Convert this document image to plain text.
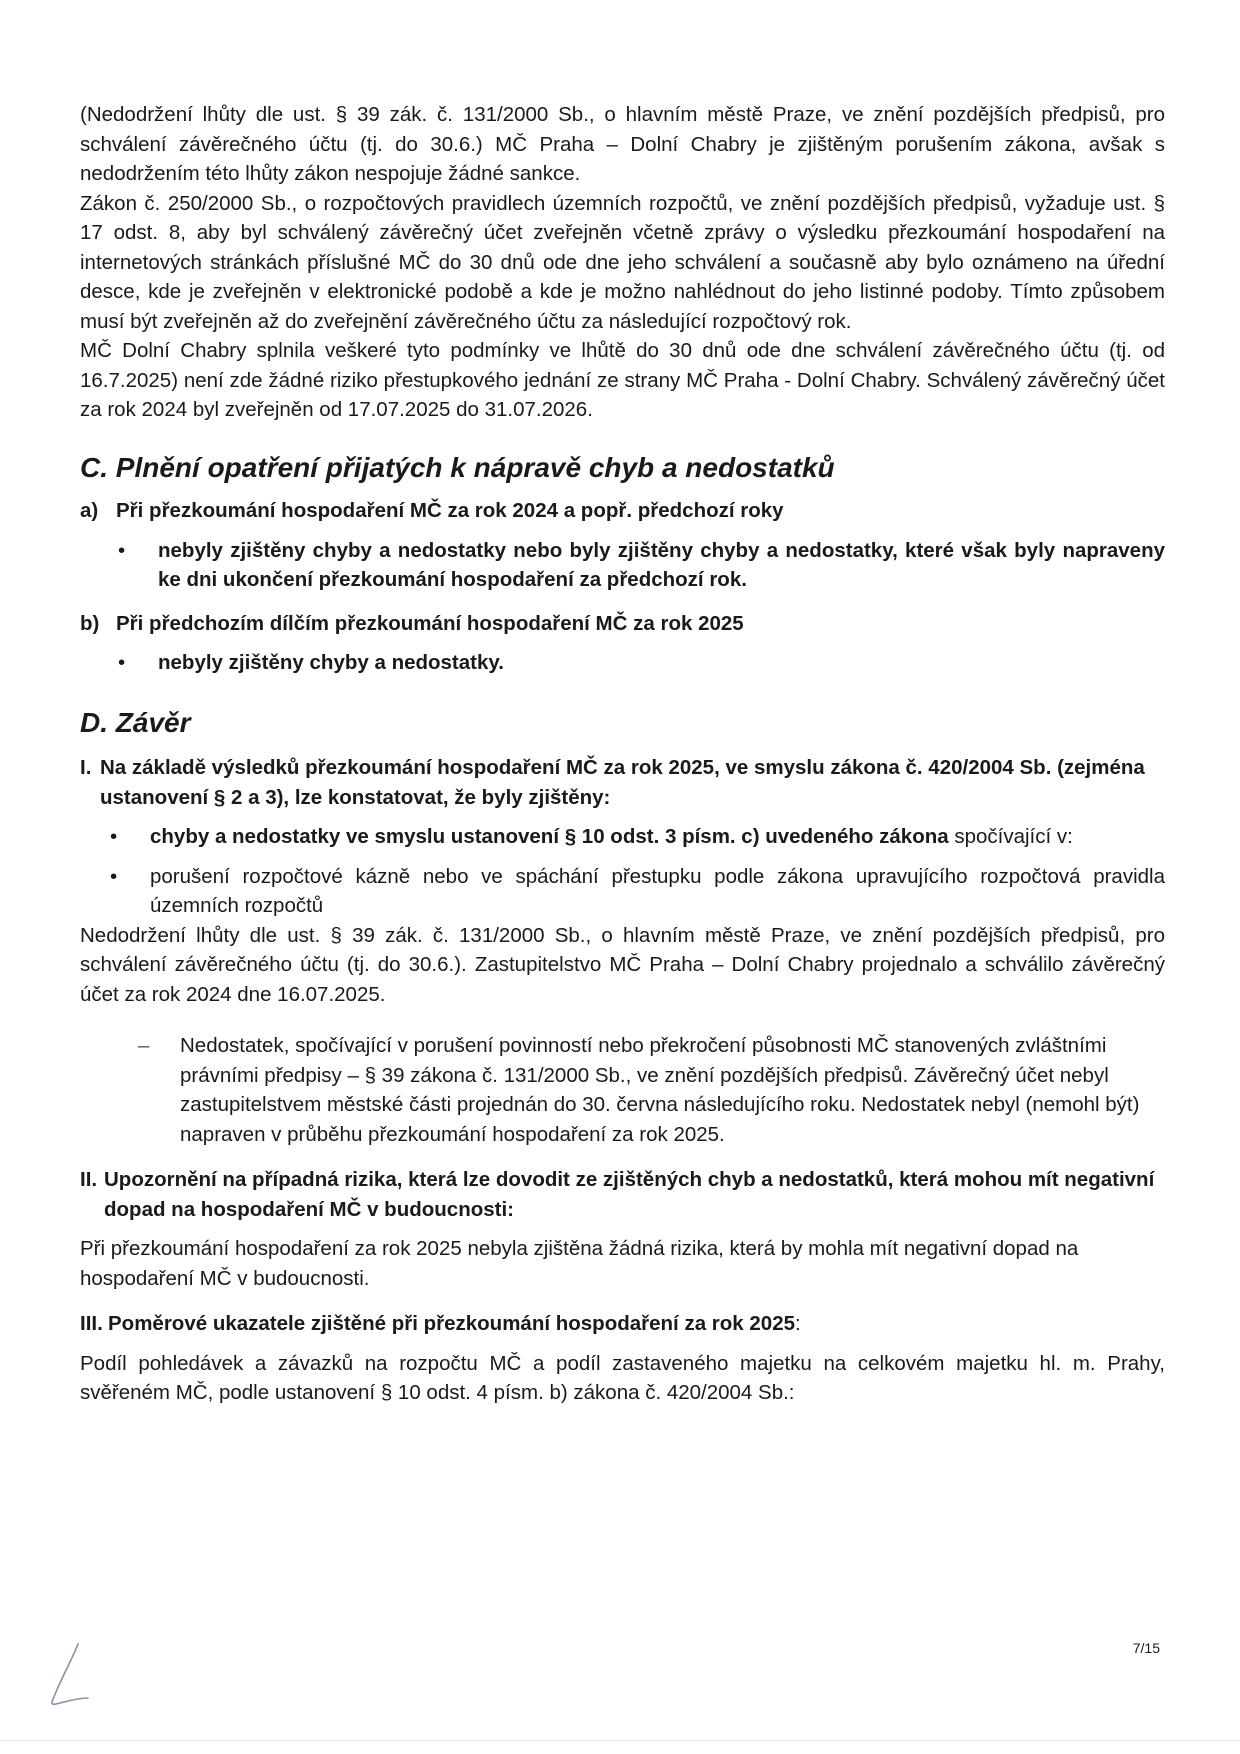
(Nedodržení lhůty dle ust. § 39 zák. č. 131/2000 Sb., o hlavním městě Praze, ve znění pozdějších předpisů, pro schválení závěrečného účtu (tj. do 30.6.) MČ Praha – Dolní Chabry je zjištěným porušením zákona, avšak s nedodržením této lhůty zákon nespojuje žádné sankce.

Zákon č. 250/2000 Sb., o rozpočtových pravidlech územních rozpočtů, ve znění pozdějších předpisů, vyžaduje ust. § 17 odst. 8, aby byl schválený závěrečný účet zveřejněn včetně zprávy o výsledku přezkoumání hospodaření na internetových stránkách příslušné MČ do 30 dnů ode dne jeho schválení a současně aby bylo oznámeno na úřední desce, kde je zveřejněn v elektronické podobě a kde je možno nahlédnout do jeho listinné podoby. Tímto způsobem musí být zveřejněn až do zveřejnění závěrečného účtu za následující rozpočtový rok.

MČ Dolní Chabry splnila veškeré tyto podmínky ve lhůtě do 30 dnů ode dne schválení závěrečného účtu (tj. od 16.7.2025) není zde žádné riziko přestupkového jednání ze strany MČ Praha - Dolní Chabry. Schválený závěrečný účet za rok 2024 byl zveřejněn od 17.07.2025 do 31.07.2026.

C. Plnění opatření přijatých k nápravě chyb a nedostatků
a) Při přezkoumání hospodaření MČ za rok 2024 a popř. předchozí roky
•	nebyly zjištěny chyby a nedostatky nebo byly zjištěny chyby a nedostatky, které však byly napraveny ke dni ukončení přezkoumání hospodaření za předchozí rok.
b) Při předchozím dílčím přezkoumání hospodaření MČ za rok 2025
•	nebyly zjištěny chyby a nedostatky.
D. Závěr
I. Na základě výsledků přezkoumání hospodaření MČ za rok 2025, ve smyslu zákona č. 420/2004 Sb. (zejména ustanovení § 2 a 3), lze konstatovat, že byly zjištěny:
•	chyby a nedostatky ve smyslu ustanovení § 10 odst. 3 písm. c) uvedeného zákona spočívající v:
•	porušení rozpočtové kázně nebo ve spáchání přestupku podle zákona upravujícího rozpočtová pravidla územních rozpočtů

Nedodržení lhůty dle ust. § 39 zák. č. 131/2000 Sb., o hlavním městě Praze, ve znění pozdějších předpisů, pro schválení závěrečného účtu (tj. do 30.6.). Zastupitelstvo MČ Praha – Dolní Chabry projednalo a schválilo závěrečný účet za rok 2024 dne 16.07.2025.

–	Nedostatek, spočívající v porušení povinností nebo překročení působnosti MČ stanovených zvláštními právními předpisy – § 39 zákona č. 131/2000 Sb., ve znění pozdějších předpisů. Závěrečný účet nebyl zastupitelstvem městské části projednán do 30. června následujícího roku. Nedostatek nebyl (nemohl být) napraven v průběhu přezkoumání hospodaření za rok 2025.
II. Upozornění na případná rizika, která lze dovodit ze zjištěných chyb a nedostatků, která mohou mít negativní dopad na hospodaření MČ v budoucnosti:

Při přezkoumání hospodaření za rok 2025 nebyla zjištěna žádná rizika, která by mohla mít negativní dopad na hospodaření MČ v budoucnosti.

III. Poměrové ukazatele zjištěné při přezkoumání hospodaření za rok 2025:

Podíl pohledávek a závazků na rozpočtu MČ a podíl zastaveného majetku na celkovém majetku hl. m. Prahy, svěřeném MČ, podle ustanovení § 10 odst. 4 písm. b) zákona č. 420/2004 Sb.:

7/15
